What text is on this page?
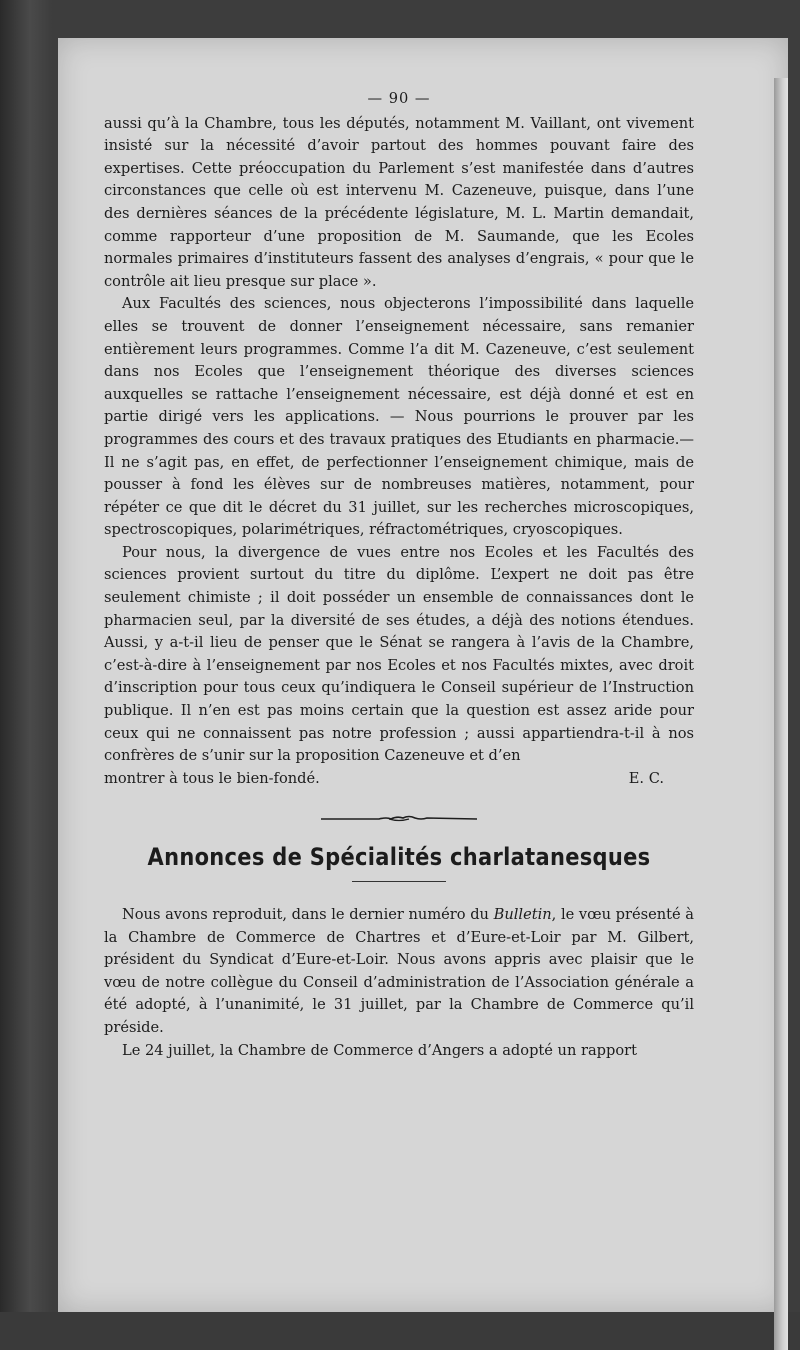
— 90 —

aussi qu’à la Chambre, tous les députés, notamment M. Vaillant, ont vivement insisté sur la nécessité d’avoir partout des hommes pouvant faire des expertises. Cette préoccupation du Parlement s’est manifestée dans d’autres circonstances que celle où est intervenu M. Cazeneuve, puisque, dans l’une des dernières séances de la précédente législature, M. L. Martin demandait, comme rapporteur d’une proposition de M. Saumande, que les Ecoles normales primaires d’instituteurs fassent des analyses d’engrais, « pour que le contrôle ait lieu presque sur place ».

Aux Facultés des sciences, nous objecterons l’impossibilité dans laquelle elles se trouvent de donner l’enseignement nécessaire, sans remanier entièrement leurs programmes. Comme l’a dit M. Cazeneuve, c’est seulement dans nos Ecoles que l’enseignement théorique des diverses sciences auxquelles se rattache l’enseignement nécessaire, est déjà donné et est en partie dirigé vers les applications. — Nous pourrions le prouver par les programmes des cours et des travaux pratiques des Etudiants en pharmacie.— Il ne s’agit pas, en effet, de perfectionner l’enseignement chimique, mais de pousser à fond les élèves sur de nombreuses matières, notamment, pour répéter ce que dit le décret du 31 juillet, sur les recherches microscopiques, spectroscopiques, polarimétriques, réfractométriques, cryoscopiques.

Pour nous, la divergence de vues entre nos Ecoles et les Facultés des sciences provient surtout du titre du diplôme. L’expert ne doit pas être seulement chimiste ; il doit posséder un ensemble de connaissances dont le pharmacien seul, par la diversité de ses études, a déjà des notions étendues. Aussi, y a-t-il lieu de penser que le Sénat se rangera à l’avis de la Chambre, c’est-à-dire à l’enseignement par nos Ecoles et nos Facultés mixtes, avec droit d’inscription pour tous ceux qu’indiquera le Conseil supérieur de l’Instruction publique. Il n’en est pas moins certain que la question est assez aride pour ceux qui ne connaissent pas notre profession ; aussi appartiendra-t-il à nos confrères de s’unir sur la proposition Cazeneuve et d’en

montrer à tous le bien-fondé.	E. C.
Annonces de Spécialités charlatanesques

Nous avons reproduit, dans le dernier numéro du Bulletin, le vœu présenté à la Chambre de Commerce de Chartres et d’Eure-et-Loir par M. Gilbert, président du Syndicat d’Eure-et-Loir. Nous avons appris avec plaisir que le vœu de notre collègue du Conseil d’administration de l’Association générale a été adopté, à l’unanimité, le 31 juillet, par la Chambre de Commerce qu’il préside.

Le 24 juillet, la Chambre de Commerce d’Angers a adopté un rapport
